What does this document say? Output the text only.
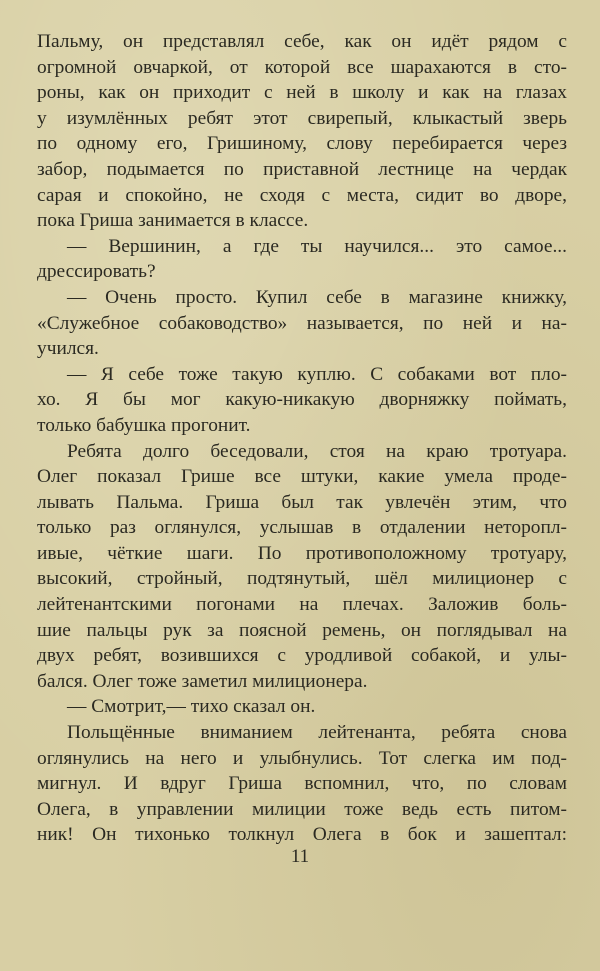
Пальму, он представлял себе, как он идёт рядом с
огромной овчаркой, от которой все шарахаются в сто-
роны, как он приходит с ней в школу и как на глазах
у изумлённых ребят этот свирепый, клыкастый зверь
по одному его, Гришиному, слову перебирается через
забор, подымается по приставной лестнице на чердак
сарая и спокойно, не сходя с места, сидит во дворе,
пока Гриша занимается в классе.
— Вершинин, а где ты научился... это самое...
дрессировать?
— Очень просто. Купил себе в магазине книжку,
«Служебное собаководство» называется, по ней и на-
учился.
— Я себе тоже такую куплю. С собаками вот пло-
хо. Я бы мог какую-никакую дворняжку поймать,
только бабушка прогонит.
Ребята долго беседовали, стоя на краю тротуара.
Олег показал Грише все штуки, какие умела проде-
лывать Пальма. Гриша был так увлечён этим, что
только раз оглянулся, услышав в отдалении неторопл-
ивые, чёткие шаги. По противоположному тротуару,
высокий, стройный, подтянутый, шёл милиционер с
лейтенантскими погонами на плечах. Заложив боль-
шие пальцы рук за поясной ремень, он поглядывал на
двух ребят, возившихся с уродливой собакой, и улы-
бался. Олег тоже заметил милиционера.
— Смотрит,— тихо сказал он.
Польщённые вниманием лейтенанта, ребята снова
оглянулись на него и улыбнулись. Тот слегка им под-
мигнул. И вдруг Гриша вспомнил, что, по словам
Олега, в управлении милиции тоже ведь есть питом-
ник! Он тихонько толкнул Олега в бок и зашептал:
11
